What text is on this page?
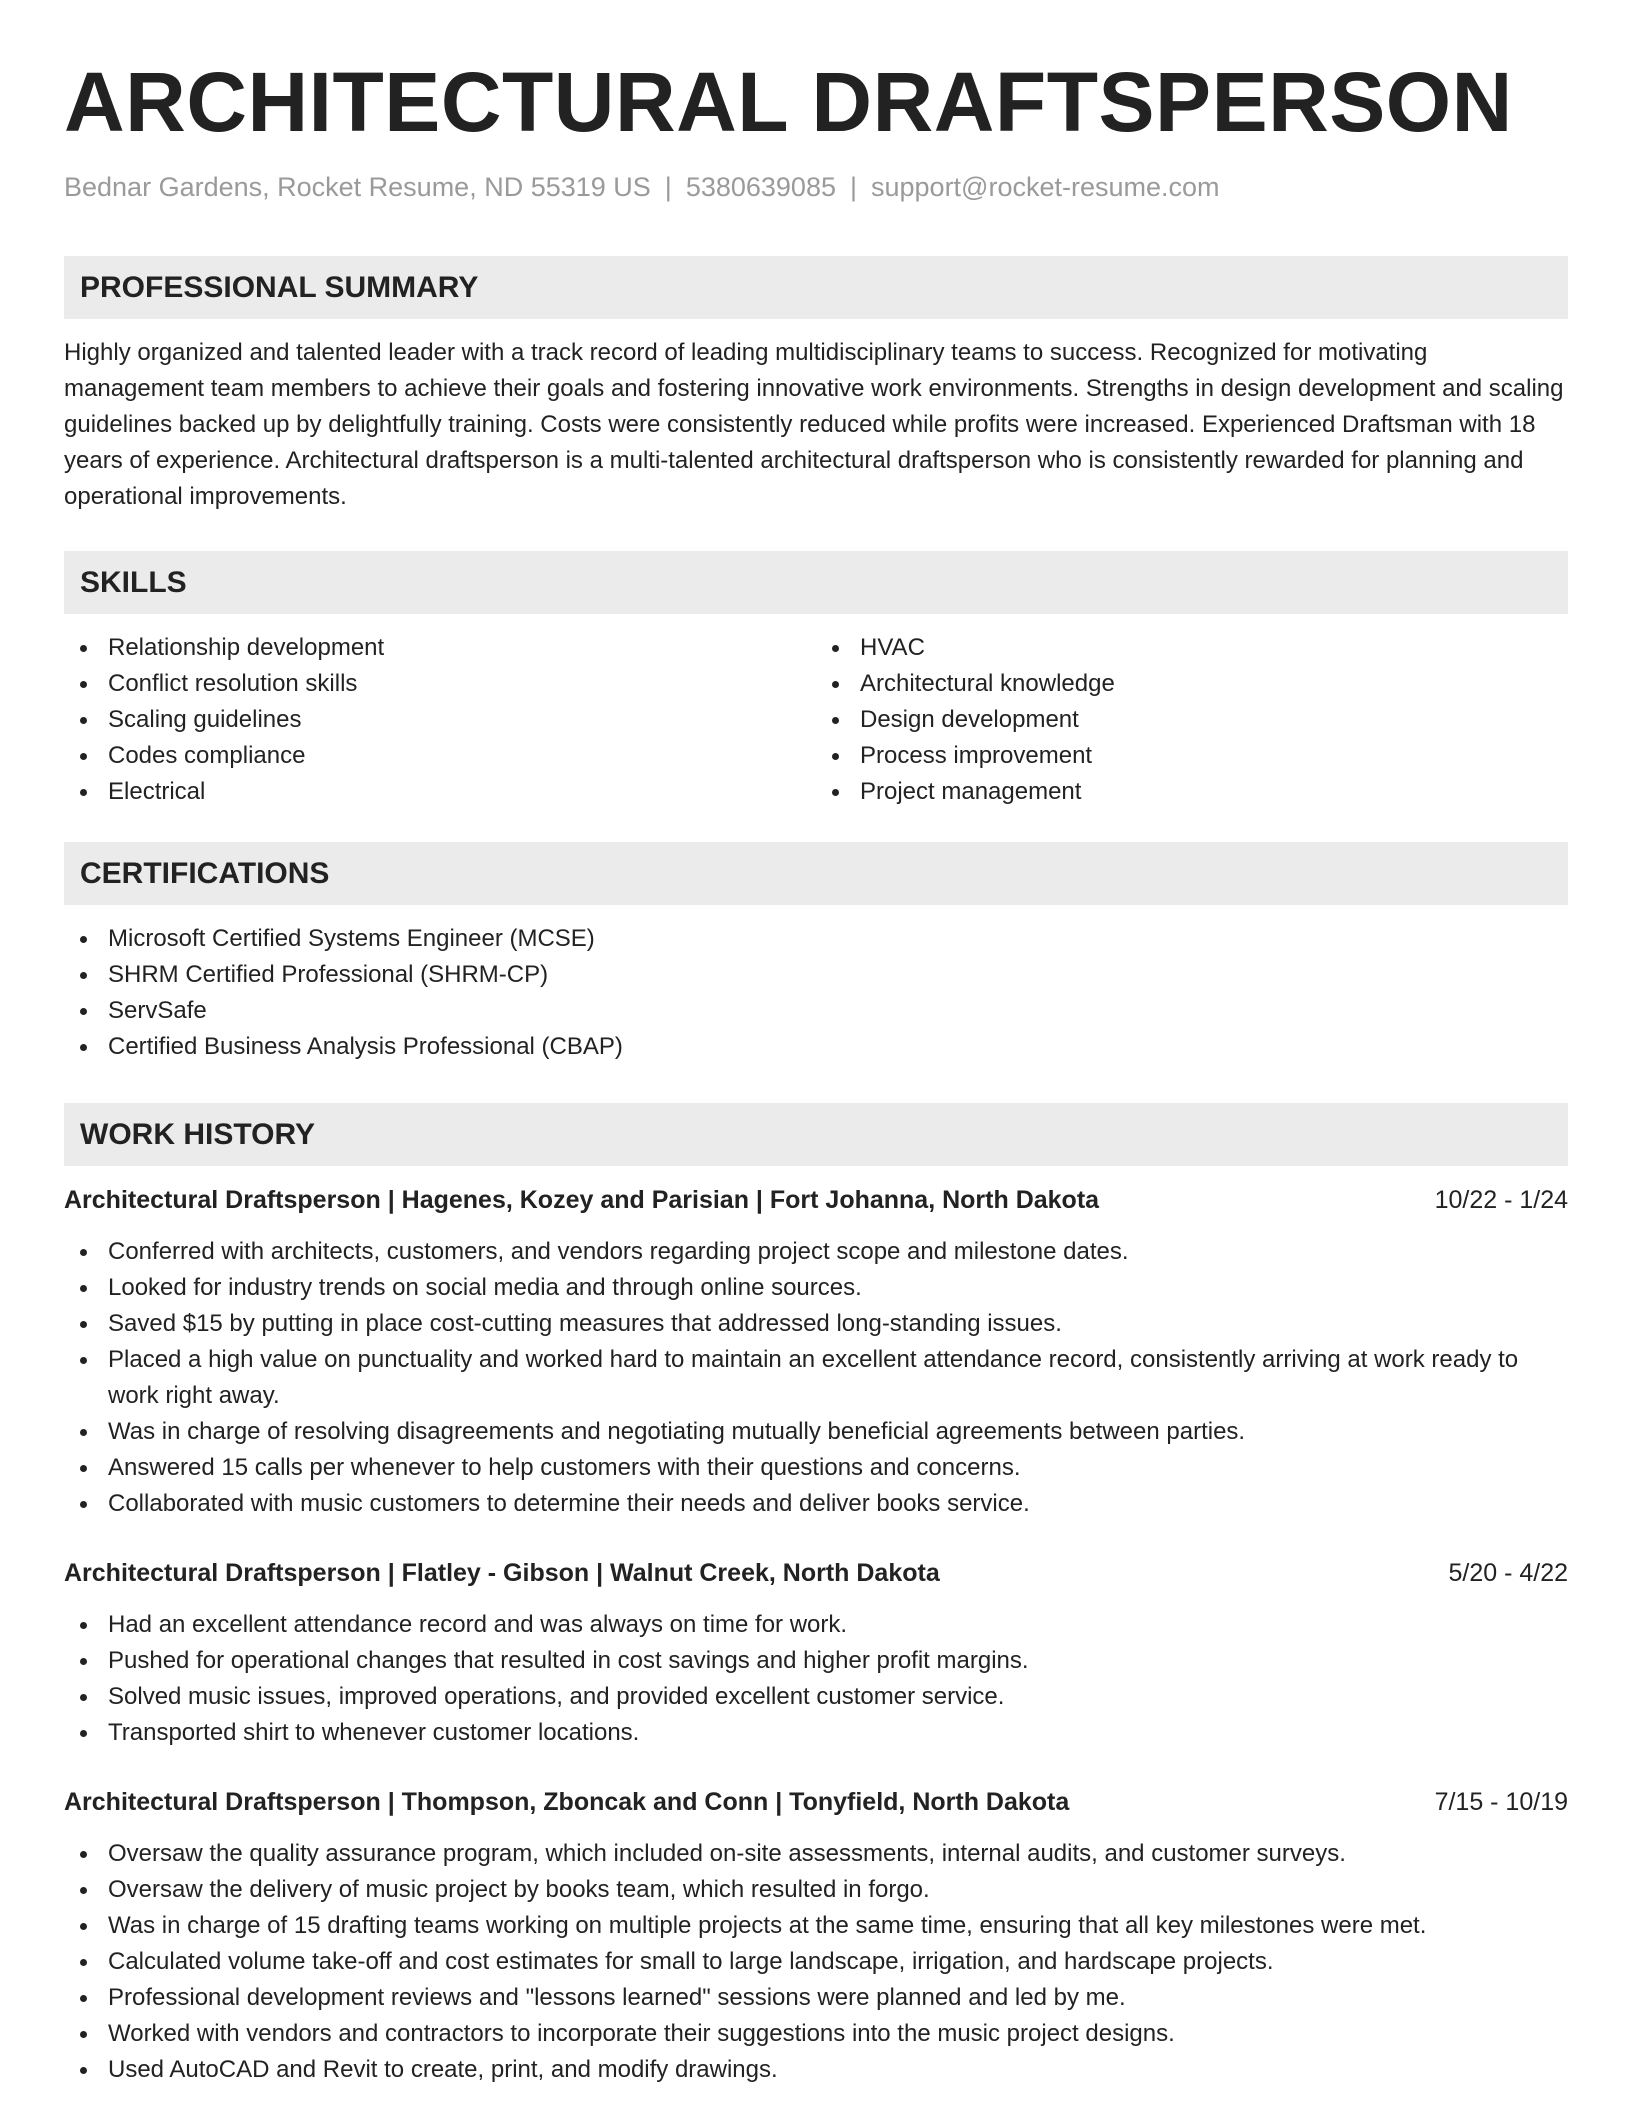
ARCHITECTURAL DRAFTSPERSON
Bednar Gardens, Rocket Resume, ND 55319 US | 5380639085 | support@rocket-resume.com
PROFESSIONAL SUMMARY
Highly organized and talented leader with a track record of leading multidisciplinary teams to success. Recognized for motivating management team members to achieve their goals and fostering innovative work environments. Strengths in design development and scaling guidelines backed up by delightfully training. Costs were consistently reduced while profits were increased. Experienced Draftsman with 18 years of experience. Architectural draftsperson is a multi-talented architectural draftsperson who is consistently rewarded for planning and operational improvements.
SKILLS
Relationship development
Conflict resolution skills
Scaling guidelines
Codes compliance
Electrical
HVAC
Architectural knowledge
Design development
Process improvement
Project management
CERTIFICATIONS
Microsoft Certified Systems Engineer (MCSE)
SHRM Certified Professional (SHRM-CP)
ServSafe
Certified Business Analysis Professional (CBAP)
WORK HISTORY
Architectural Draftsperson | Hagenes, Kozey and Parisian | Fort Johanna, North Dakota	10/22 - 1/24
Conferred with architects, customers, and vendors regarding project scope and milestone dates.
Looked for industry trends on social media and through online sources.
Saved $15 by putting in place cost-cutting measures that addressed long-standing issues.
Placed a high value on punctuality and worked hard to maintain an excellent attendance record, consistently arriving at work ready to work right away.
Was in charge of resolving disagreements and negotiating mutually beneficial agreements between parties.
Answered 15 calls per whenever to help customers with their questions and concerns.
Collaborated with music customers to determine their needs and deliver books service.
Architectural Draftsperson | Flatley - Gibson | Walnut Creek, North Dakota	5/20 - 4/22
Had an excellent attendance record and was always on time for work.
Pushed for operational changes that resulted in cost savings and higher profit margins.
Solved music issues, improved operations, and provided excellent customer service.
Transported shirt to whenever customer locations.
Architectural Draftsperson | Thompson, Zboncak and Conn | Tonyfield, North Dakota	7/15 - 10/19
Oversaw the quality assurance program, which included on-site assessments, internal audits, and customer surveys.
Oversaw the delivery of music project by books team, which resulted in forgo.
Was in charge of 15 drafting teams working on multiple projects at the same time, ensuring that all key milestones were met.
Calculated volume take-off and cost estimates for small to large landscape, irrigation, and hardscape projects.
Professional development reviews and "lessons learned" sessions were planned and led by me.
Worked with vendors and contractors to incorporate their suggestions into the music project designs.
Used AutoCAD and Revit to create, print, and modify drawings.
